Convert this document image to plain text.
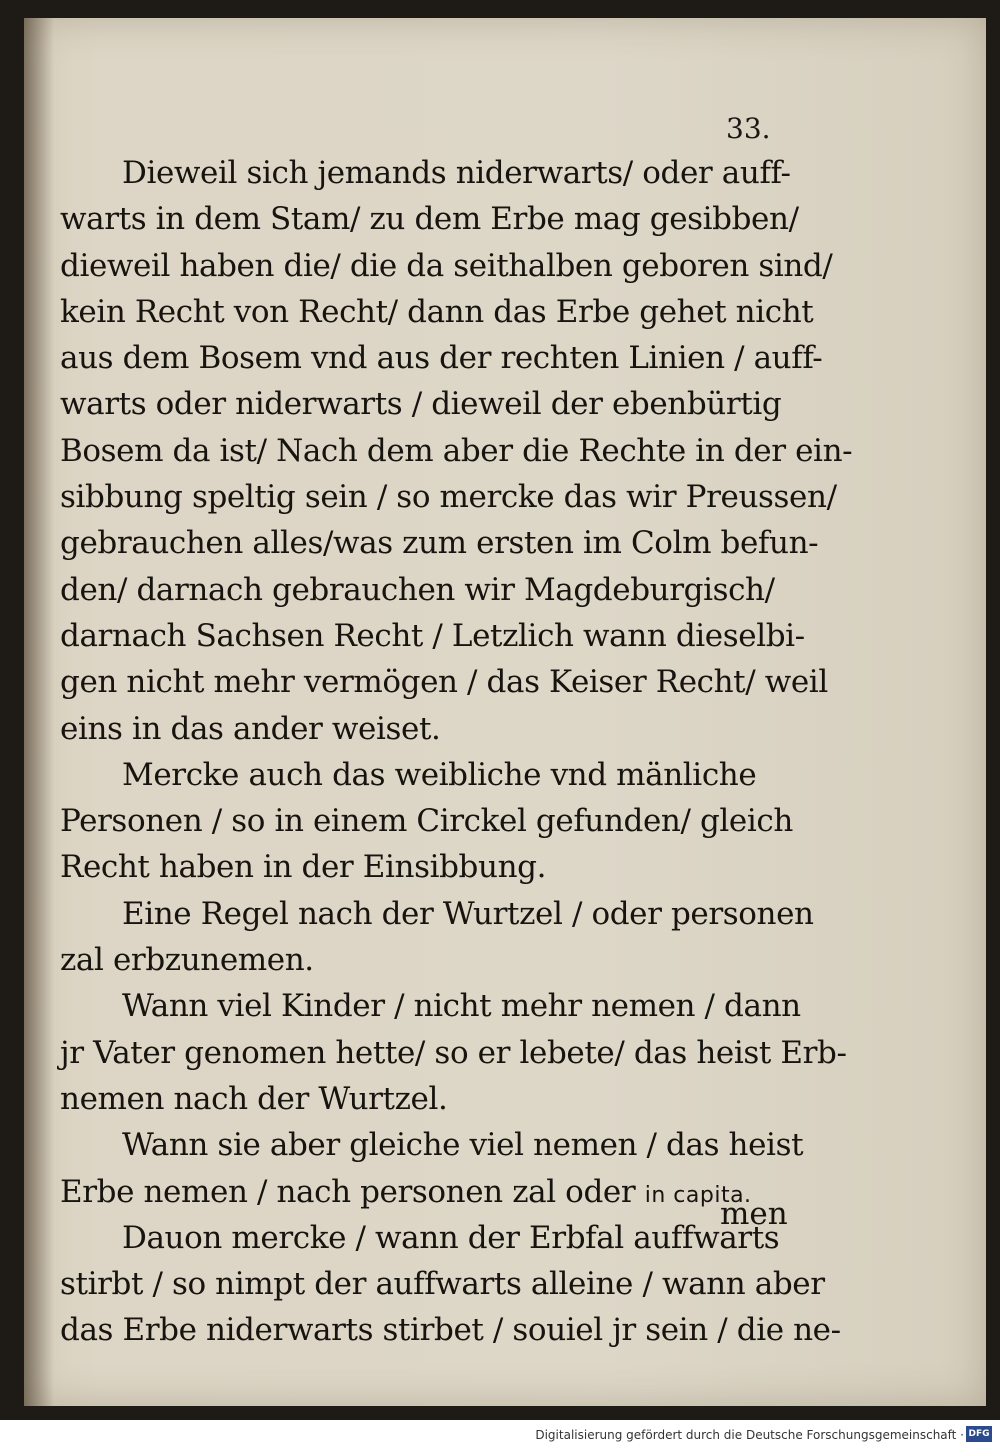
33.
Dieweil sich jemands niderwarts/ oder auff-
warts in dem Stam/ zu dem Erbe mag gesibben/
dieweil haben die/ die da seithalben geboren sind/
kein Recht von Recht/ dann das Erbe gehet nicht
aus dem Bosem vnd aus der rechten Linien / auff-
warts oder niderwarts / dieweil der ebenbürtig
Bosem da ist/ Nach dem aber die Rechte in der ein-
sibbung speltig sein / so mercke das wir Preussen/
gebrauchen alles/was zum ersten im Colm befun-
den/ darnach gebrauchen wir Magdeburgisch/
darnach Sachsen Recht / Letzlich wann dieselbi-
gen nicht mehr vermögen / das Keiser Recht/ weil
eins in das ander weiset.
Mercke auch das weibliche vnd mänliche
Personen / so in einem Circkel gefunden/ gleich
Recht haben in der Einsibbung.
Eine Regel nach der Wurtzel / oder personen
zal erbzunemen.
Wann viel Kinder / nicht mehr nemen / dann
jr Vater genomen hette/ so er lebete/ das heist Erb-
nemen nach der Wurtzel.
Wann sie aber gleiche viel nemen / das heist
Erbe nemen / nach personen zal oder in capita.
Dauon mercke / wann der Erbfal auffwarts
stirbt / so nimpt der auffwarts alleine / wann aber
das Erbe niderwarts stirbet / souiel jr sein / die ne-
men
Digitalisierung gefördert durch die Deutsche Forschungsgemeinschaft · DFG
